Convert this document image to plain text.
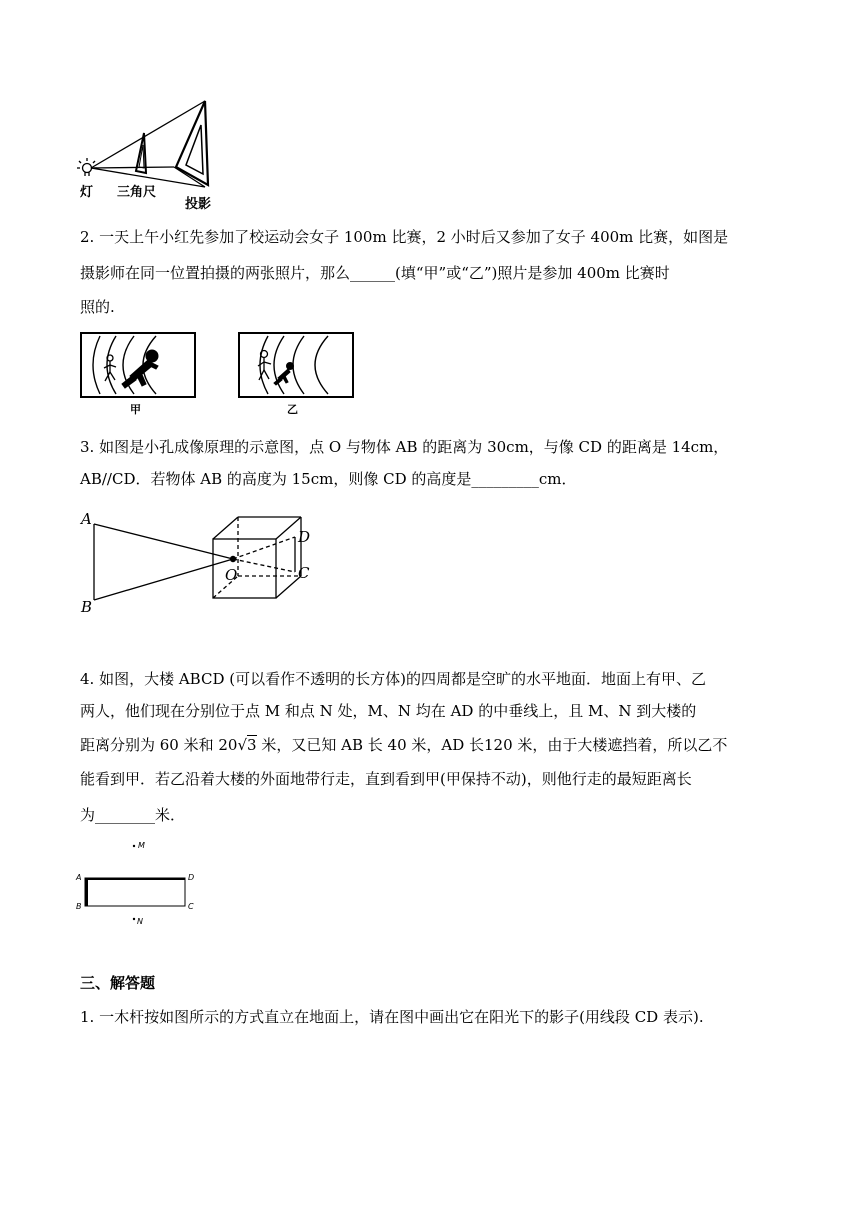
灯 三角尺
投影
2. 一天上午小红先参加了校运动会女子 100m 比赛，2 小时后又参加了女子 400m 比赛，如图是
摄影师在同一位置拍摄的两张照片，那么______(填“甲”或“乙”)照片是参加 400m 比赛时
照的.
甲	乙
3. 如图是小孔成像原理的示意图，点 O 与物体 AB 的距离为 30cm，与像 CD 的距离是 14cm，
AB//CD．若物体 AB 的高度为 15cm，则像 CD 的高度是_________cm．
A
B
O
D
C
4. 如图，大楼 ABCD (可以看作不透明的长方体)的四周都是空旷的水平地面．地面上有甲、乙
两人，他们现在分别位于点 M 和点 N 处，M、N 均在 AD 的中垂线上，且 M、N 到大楼的
距离分别为 60 米和 20√3 米，又已知 AB 长 40 米，AD 长120 米，由于大楼遮挡着，所以乙不
能看到甲．若乙沿着大楼的外面地带行走，直到看到甲(甲保持不动)，则他行走的最短距离长
为________米．
M
N
A
B
D
C
三、解答题
1. 一木杆按如图所示的方式直立在地面上，请在图中画出它在阳光下的影子(用线段 CD 表示).
